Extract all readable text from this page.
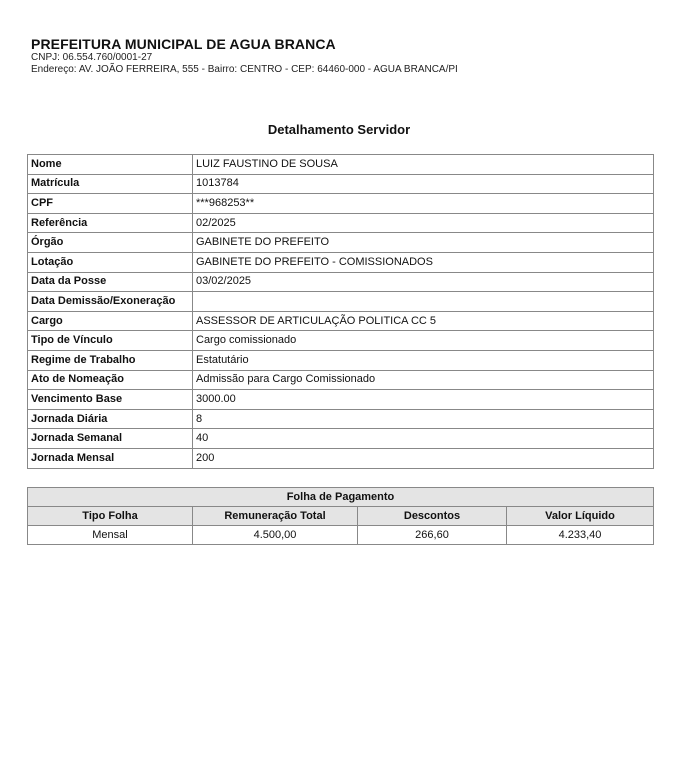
PREFEITURA MUNICIPAL DE AGUA BRANCA
CNPJ: 06.554.760/0001-27
Endereço: AV. JOÃO FERREIRA, 555 - Bairro: CENTRO - CEP: 64460-000 - AGUA BRANCA/PI
Detalhamento Servidor
Nome	LUIZ FAUSTINO DE SOUSA
Matrícula	1013784
CPF	***968253**
Referência	02/2025
Órgão	GABINETE DO PREFEITO
Lotação	GABINETE DO PREFEITO - COMISSIONADOS
Data da Posse	03/02/2025
Data Demissão/Exoneração	
Cargo	ASSESSOR DE ARTICULAÇÃO POLITICA CC 5
Tipo de Vínculo	Cargo comissionado
Regime de Trabalho	Estatutário
Ato de Nomeação	Admissão para Cargo Comissionado
Vencimento Base	3000.00
Jornada Diária	8
Jornada Semanal	40
Jornada Mensal	200
Folha de Pagamento			
Tipo Folha	Remuneração Total	Descontos	Valor Líquido
Mensal	4.500,00	266,60	4.233,40
